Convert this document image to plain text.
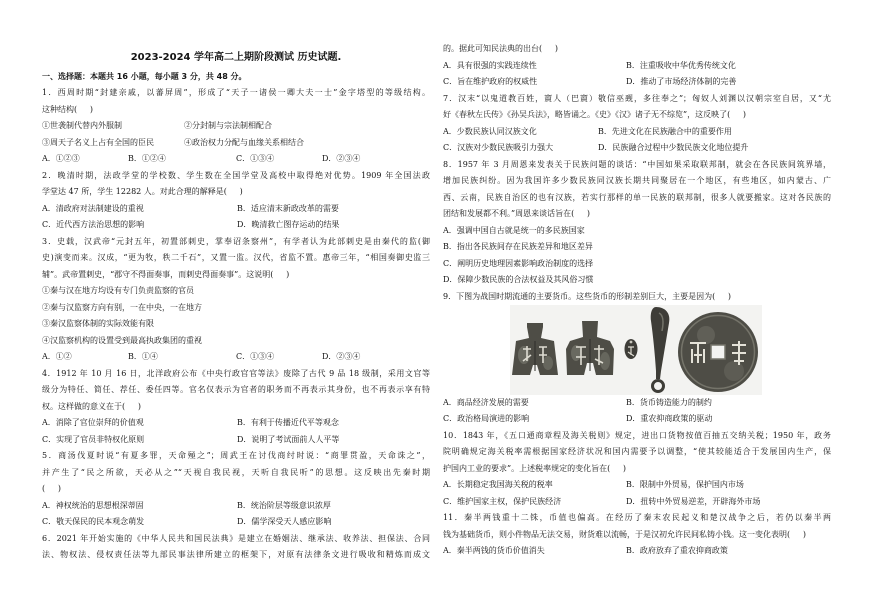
2023-2024 学年高二上期阶段测试 历史试题.
一、选择题：本题共 16 小题，每小题 3 分，共 48 分。
1．西周时期“封建亲戚，以蕃屏周”，形成了“天子一诸侯一卿大夫一士”金字塔型的等级结构。
这种结构(     )
①世袭制代替内外服制	②分封制与宗法制相配合
③周天子名义上占有全国的臣民	④政治权力分配与血缘关系相结合
A．①②③	B．①②④	C．①③④	D．②③④
2．晚清时期，法政学堂的学校数、学生数在全国学堂及高校中取得绝对优势。1909 年全国法政
学堂达 47 所，学生 12282 人。对此合理的解释是(     )
A．清政府对法制建设的重视	B．适应清末新政改革的需要
C．近代西方法治思想的影响	D．晚清救亡图存运动的结果
3．史载，汉武帝“元封五年，初置部刺史，掌奉诏条察州”，有学者认为此部刺史是由秦代的监(御
史)演变而来。汉成，“更为牧，秩二千石”，又置一监。汉代，省监不置。惠帝三年，“相国奏御史监三
辅”。武帝置刺史，“郡守不得面奏事，而刺史得面奏事”。这说明(     )
①秦与汉在地方均设有专门负责监察的官员
②秦与汉监察方向有别，一在中央，一在地方
③秦汉监察体制的实际效能有限
④汉监察机构的设置受到最高执政集团的重视
A．①②	B．①④	C．①③④	D．②③④
4．1912 年 10 月 16 日，北洋政府公布《中央行政官官等法》废除了古代 9 品 18 级制，采用文官等
级分为特任、简任、荐任、委任四等。官名仅表示为官者的职务而不再表示其身份，也不再表示享有特
权。这样做的意义在于(     )
A．消除了官位崇拜的价值观	B．有利于传播近代平等观念
C．实现了官员非特权化原则	D．说明了考试面前人人平等
5．商汤伐夏时说“有夏多罪，天命殛之”；周武王在讨伐商纣时说：“商罪贯盈，天命诛之”，
并产生了“民之所欲，天必从之”“天视自我民视，天听自我民听”的思想。这反映出先秦时期
(     )
A．神权统治的思想根深蒂固	B．统治阶层等级意识浓厚
C．敬天保民的民本观念萌发	D．儒学深受天人感应影响
6．2021 年开始实施的《中华人民共和国民法典》是建立在婚姻法、继承法、收养法、担保法、合同
法、物权法、侵权责任法等九部民事法律所建立的框架下，对原有法律条文进行吸收和精炼而成文
的。据此可知民法典的出台(     )
A．具有很强的实践连续性	B．注重吸收中华优秀传统文化
C．旨在维护政府的权威性	D．推动了市场经济体制的完善
7．汉末“以鬼道教百姓，賨人（巴賨）敬信巫觋，多往奉之”；匈奴人刘渊以汉朝宗室自居，又“尤
好《春秋左氏传》《孙吴兵法》，略皆诵之。《史》《汉》诸子无不综览”，这反映了(     )
A．少数民族认同汉族文化	B．先进文化在民族融合中的重要作用
C．汉族对少数民族吸引力强大	D．民族融合过程中少数民族文化地位提升
8．1957 年 3 月周恩来发表关于民族问题的谈话：“中国如果采取联邦制，就会在各民族间筑界墙，
增加民族纠纷。因为我国许多少数民族同汉族长期共同聚居在一个地区，有些地区，如内蒙古、广
西、云南，民族自治区的也有汉族，若实行那样的单一民族的联邦制，很多人就要搬家。这对各民族的
团结和发展都不利。”周恩来谈话旨在(     )
A．强调中国自古就是统一的多民族国家
B．指出各民族间存在民族差异和地区差异
C．阐明历史地理因素影响政治制度的选择
D．保障少数民族的合法权益及其风俗习惯
9．下图为战国时期流通的主要货币。这些货币的形制差别巨大，主要是因为(     )
A．商品经济发展的需要	B．货币铸造能力的制约
C．政治格局演进的影响	D．重农抑商政策的驱动
10．1843 年，《五口通商章程及海关税则》规定，进出口货物按值百抽五交纳关税；1950 年，政务
院明确规定海关税率需根据国家经济状况和国内需要予以调整，“使其较能适合于发展国内生产，保
护国内工业的要求”。上述税率规定的变化旨在(     )
A．长期稳定我国海关税的税率	B．限制中外贸易，保护国内市场
C．维护国家主权，保护民族经济	D．扭转中外贸易逆差，开辟海外市场
11．秦半两钱重十二铢，币值也偏高。在经历了秦末农民起义和楚汉战争之后，若仍以秦半两
钱为基础货币，则小件物品无法交易，财货难以流畅，于是汉初允许民间私铸小钱。这一变化表明(     )
A．秦半两钱的货币价值消失	B．政府放弃了重农抑商政策
